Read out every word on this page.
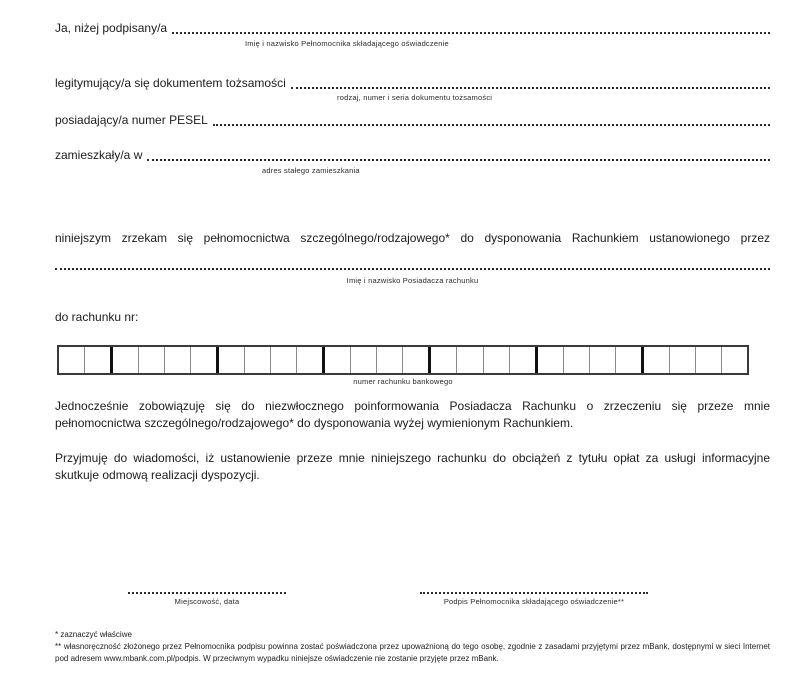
Ja, niżej podpisany/a
Imię i nazwisko Pełnomocnika składającego oświadczenie
legitymujący/a się dokumentem tożsamości
rodzaj, numer i seria dokumentu tożsamości
posiadający/a numer PESEL
zamieszkały/a w
adres stałego zamieszkania
niniejszym zrzekam się pełnomocnictwa szczególnego/rodzajowego* do dysponowania Rachunkiem ustanowionego przez
Imię i nazwisko Posiadacza rachunku
do rachunku nr:
numer rachunku bankowego
Jednocześnie zobowiązuję się do niezwłocznego poinformowania Posiadacza Rachunku o zrzeczeniu się przeze mnie pełnomocnictwa szczególnego/rodzajowego* do dysponowania wyżej wymienionym Rachunkiem.
Przyjmuję do wiadomości, iż ustanowienie przeze mnie niniejszego rachunku do obciążeń z tytułu opłat za usługi informacyjne skutkuje odmową realizacji dyspozycji.
Miejscowość, data	Podpis Pełnomocnika składającego oświadczenie**
* zaznaczyć właściwe
** własnoręczność złożonego przez Pełnomocnika podpisu powinna zostać poświadczona przez upoważnioną do tego osobę, zgodnie z zasadami przyjętymi przez mBank, dostępnymi w sieci Internet pod adresem www.mbank.com.pl/podpis. W przeciwnym wypadku niniejsze oświadczenie nie zostanie przyjęte przez mBank.
